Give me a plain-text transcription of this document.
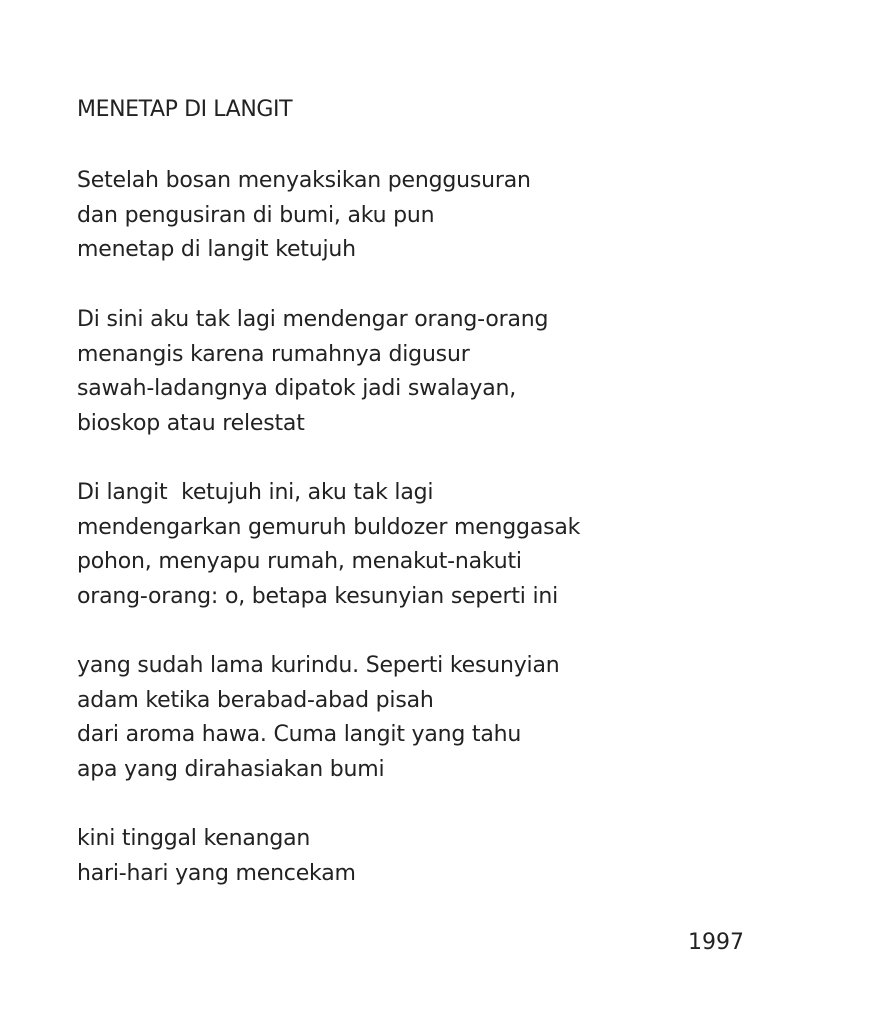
MENETAP DI LANGIT
Setelah bosan menyaksikan penggusuran
dan pengusiran di bumi, aku pun
menetap di langit ketujuh
Di sini aku tak lagi mendengar orang-orang
menangis karena rumahnya digusur
sawah-ladangnya dipatok jadi swalayan,
bioskop atau relestat
Di langit  ketujuh ini, aku tak lagi
mendengarkan gemuruh buldozer menggasak
pohon, menyapu rumah, menakut-nakuti
orang-orang: o, betapa kesunyian seperti ini
yang sudah lama kurindu. Seperti kesunyian
adam ketika berabad-abad pisah
dari aroma hawa. Cuma langit yang tahu
apa yang dirahasiakan bumi
kini tinggal kenangan
hari-hari yang mencekam

1997
